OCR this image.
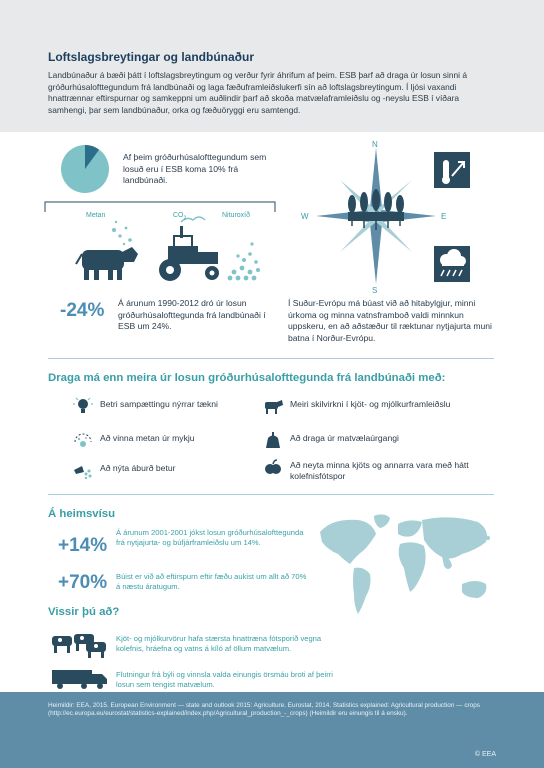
Loftslagsbreytingar og landbúnaður

Landbúnaður á bæði þátt í loftslagsbreytingum og verður fyrir áhrifum af þeim. ESB þarf að draga úr losun sinni á gróðurhúsalofttegundum frá landbúnaði og laga fæðuframleiðslukerfi sín að loftslagsbreytingum. Í ljósi vaxandi hnattrænnar eftirspurnar og samkeppni um auðlindir þarf að skoða matvælaframleiðslu og -neyslu ESB í víðara samhengi, þar sem landbúnaður, orka og fæðuöryggi eru samtengd.

Af þeim gróðurhúsalofttegundum sem losuð eru í ESB koma 10% frá landbúnaði.
Metan	$CO_2$	Nituroxíð
-24% Á árunum 1990-2012 dró úr losun gróðurhúsalofttegunda frá landbúnaði í ESB um 24%.
N
S
W	E
Í Suður-Evrópu má búast við að hitabylgjur, minni úrkoma og minna vatnsframboð valdi minnkun uppskeru, en að aðstæður til ræktunar nytjajurta muni batna í Norður-Evrópu.
Draga má enn meira úr losun gróðurhúsalofttegunda frá landbúnaði með:
Betri sampættingu nýrrar tækni	Meiri skilvirkni í kjöt- og mjólkurframleiðslu
Að vinna metan úr mykju	Að draga úr matvælaúrgangi
Að nýta áburð betur	Að neyta minna kjöts og annarra vara með hátt kolefnisfótspor
Á heimsvísu
+14%
Á árunum 2001-2001 jókst losun gróðurhúsalofttegunda frá nytjajurta- og búfjárframleiðslu um 14%.
+70% Búist er við að eftirspurn eftir fæðu aukist um allt að 70% á næstu áratugum.
Vissir þú að?
Kjöt- og mjólkurvörur hafa stærsta hnattræna fótsporið vegna kolefnis, hráefna og vatns á kíló af öllum matvælum.
Flutningur frá býli og vinnsla valda einungis örsmáu broti af þeirri losun sem tengist matvælum.

Heimildir: EEA, 2015. European Environment — state and outlook 2015: Agriculture. Eurostat, 2014. Statistics explained: Agricultural production — crops (http://ec.europa.eu/eurostat/statistics-explained/index.php/Agricultural_production_-_crops) (Heimildir eru einungis til á ensku).

© EEA
